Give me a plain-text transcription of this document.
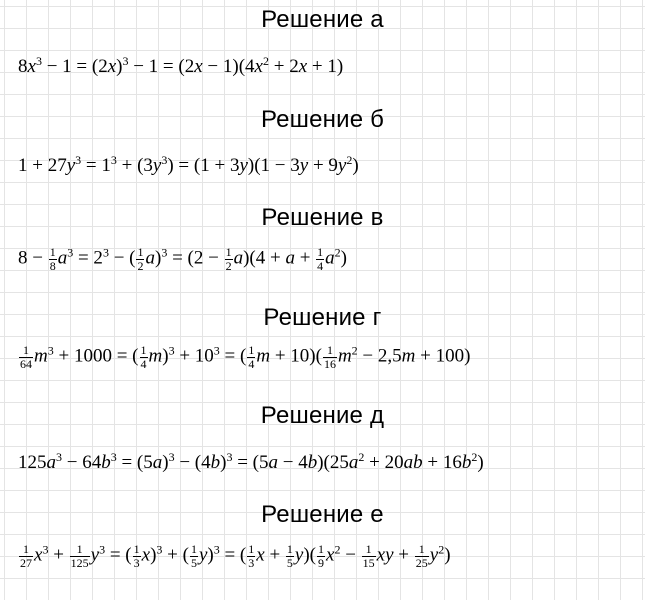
Решение а
$8x^3 - 1 = (2x)^3 - 1 = (2x - 1)(4x^2 + 2x + 1)$
Решение б
$1 + 27y^3 = 1^3 + (3y^3) = (1 + 3y)(1 - 3y + 9y^2)$
Решение в
$8 - \frac{1}{8} a^3 = 2^3$ − ( $\frac{1}{2} a)^3 = (2 - \frac{1}{2} a)(4 + a + \frac{1}{4} a^2)$
Решение г
$\frac{1}{64} m^3 + 1000$ = ( $\frac{1}{4} m)^3 + 10^3$ = ( $\frac{1}{4}$ $m + 10)( \frac{1}{16} m^2 - 2,5m + 100)$
Решение д
$125a^3 - 64b^3 = (5a)^3 - (4b)^3 = (5a - 4b)(25a^2 + 20ab + 16b^2)$
Решение е
$\frac{1}{27} x^3 + \frac{1}{125} y^3$ = ( $\frac{1}{3} x)^3$ + ( $\frac{1}{5} y)^3$ = ( $\frac{1}{3}$ $x + \frac{1}{5} y)( \frac{1}{9} x^2 - \frac{1}{15}$ xy + $\frac{1}{25} y^2$)
